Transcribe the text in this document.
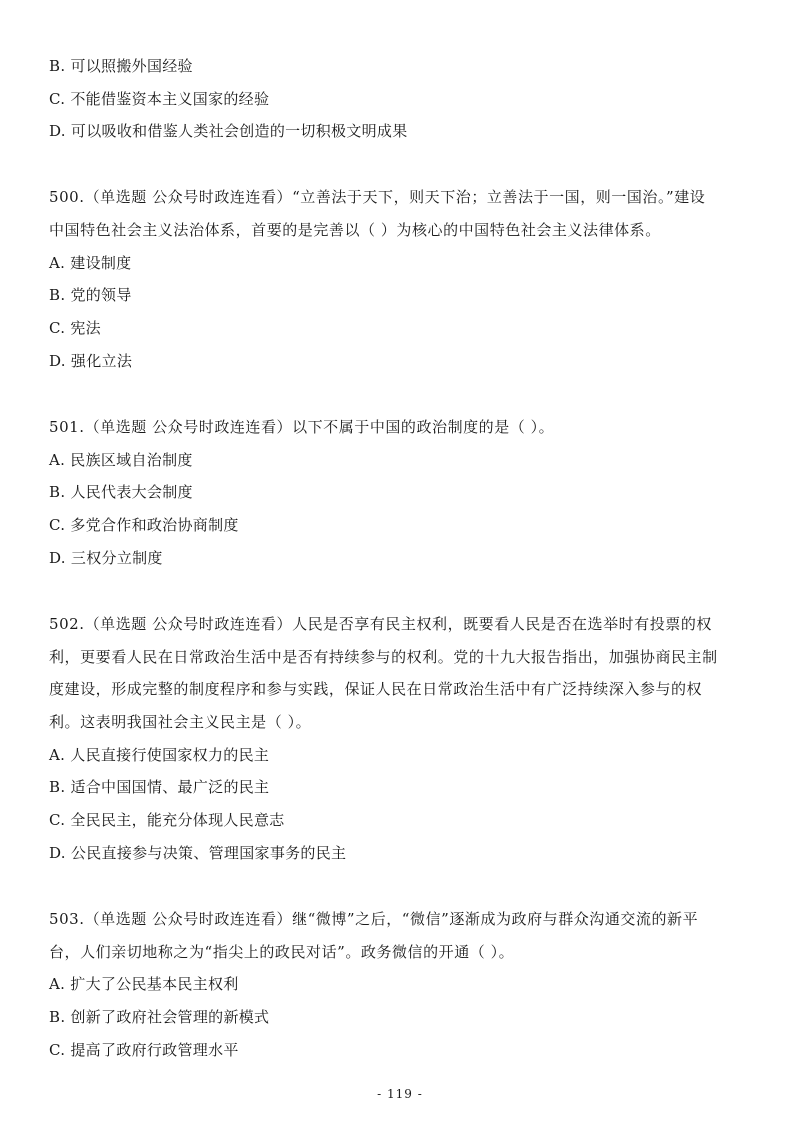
B. 可以照搬外国经验
C. 不能借鉴资本主义国家的经验
D. 可以吸收和借鉴人类社会创造的一切积极文明成果
500.（单选题 公众号时政连连看）“立善法于天下，则天下治；立善法于一国，则一国治。”建设
中国特色社会主义法治体系，首要的是完善以（ ）为核心的中国特色社会主义法律体系。
A. 建设制度
B. 党的领导
C. 宪法
D. 强化立法
501.（单选题 公众号时政连连看）以下不属于中国的政治制度的是（ ）。
A. 民族区域自治制度
B. 人民代表大会制度
C. 多党合作和政治协商制度
D. 三权分立制度
502.（单选题 公众号时政连连看）人民是否享有民主权利，既要看人民是否在选举时有投票的权
利，更要看人民在日常政治生活中是否有持续参与的权利。党的十九大报告指出，加强协商民主制
度建设，形成完整的制度程序和参与实践，保证人民在日常政治生活中有广泛持续深入参与的权
利。这表明我国社会主义民主是（ ）。
A. 人民直接行使国家权力的民主
B. 适合中国国情、最广泛的民主
C. 全民民主，能充分体现人民意志
D. 公民直接参与决策、管理国家事务的民主
503.（单选题 公众号时政连连看）继“微博”之后，“微信”逐渐成为政府与群众沟通交流的新平
台，人们亲切地称之为“指尖上的政民对话”。政务微信的开通（ ）。
A. 扩大了公民基本民主权利
B. 创新了政府社会管理的新模式
C. 提高了政府行政管理水平
- 119 -
